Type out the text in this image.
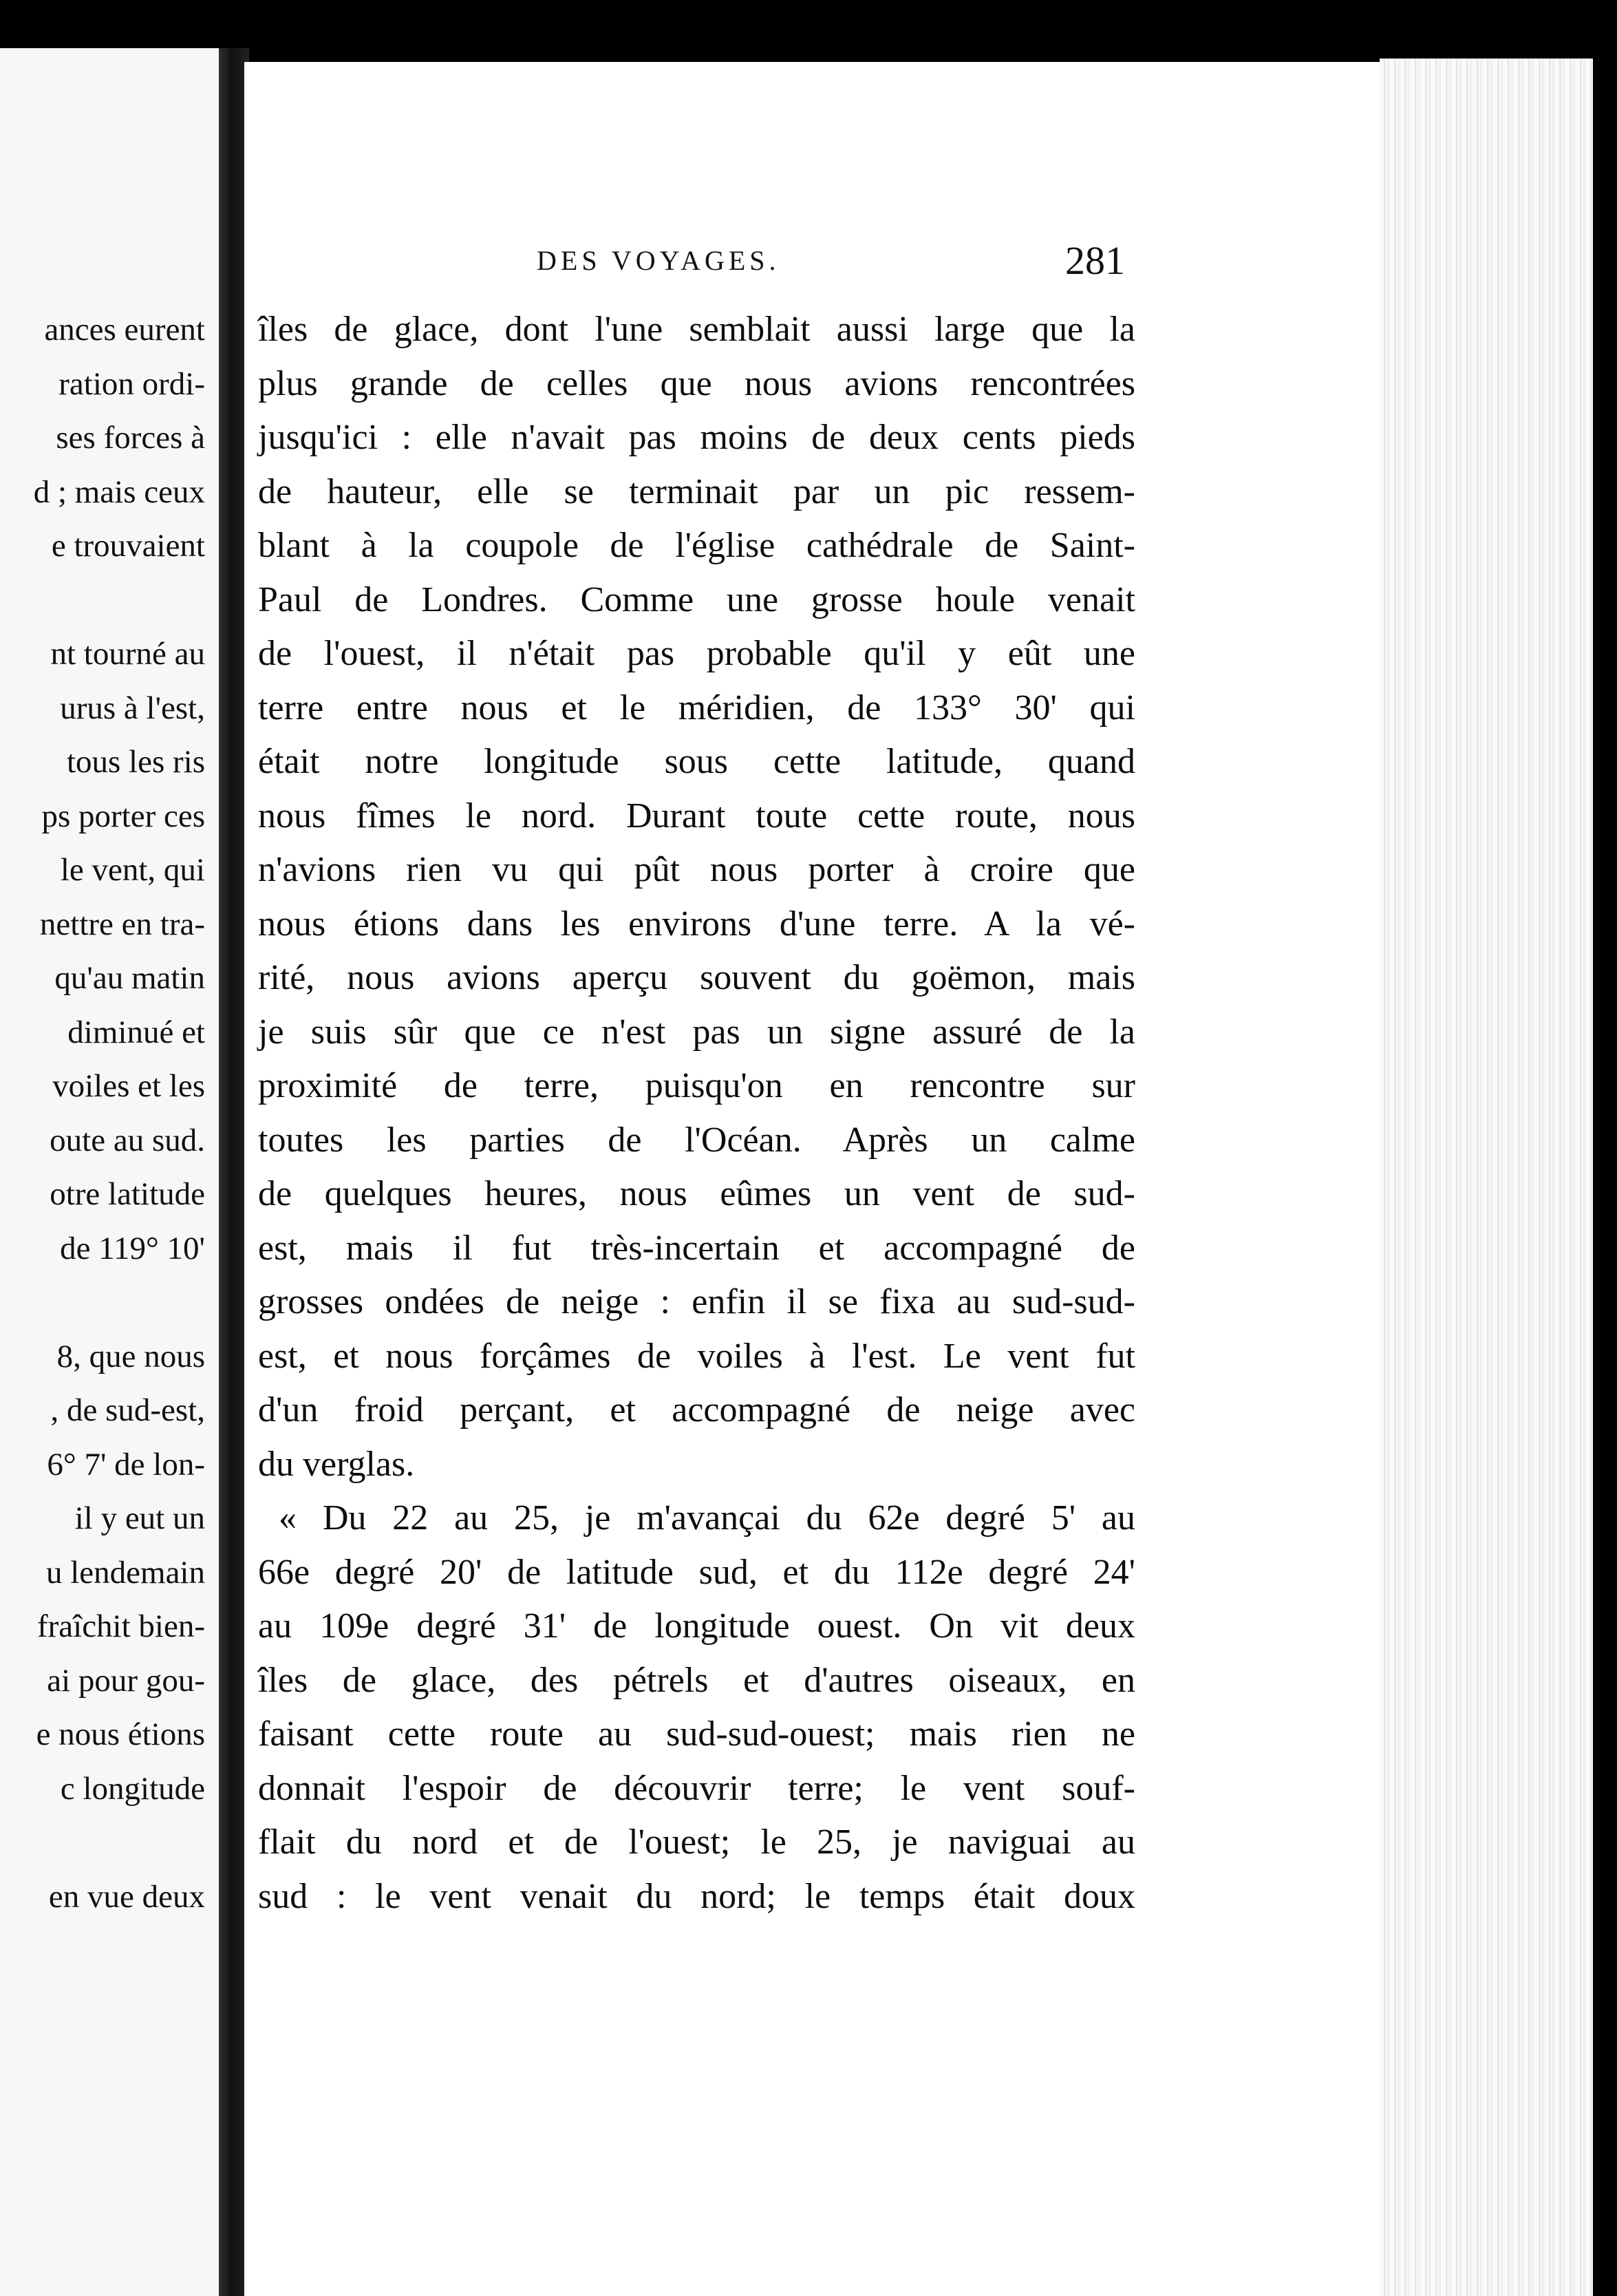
ances eurent
ration ordi-
ses forces à
d ; mais ceux
e trouvaient
nt tourné au
urus à l'est,
tous les ris
ps porter ces
le vent, qui
nettre en tra-
qu'au matin
diminué et
voiles et les
oute au sud.
otre latitude
de 119° 10'
8, que nous
, de sud-est,
6° 7' de lon-
il y eut un
u lendemain
fraîchit bien-
ai pour gou-
e nous étions
c longitude
en vue deux
DES VOYAGES.	281
îles de glace, dont l'une semblait aussi large que la
plus grande de celles que nous avions rencontrées
jusqu'ici : elle n'avait pas moins de deux cents pieds
de hauteur, elle se terminait par un pic ressem-
blant à la coupole de l'église cathédrale de Saint-
Paul de Londres. Comme une grosse houle venait
de l'ouest, il n'était pas probable qu'il y eût une
terre entre nous et le méridien, de 133° 30' qui
était notre longitude sous cette latitude, quand
nous fîmes le nord. Durant toute cette route, nous
n'avions rien vu qui pût nous porter à croire que
nous étions dans les environs d'une terre. A la vé-
rité, nous avions aperçu souvent du goëmon, mais
je suis sûr que ce n'est pas un signe assuré de la
proximité de terre, puisqu'on en rencontre sur
toutes les parties de l'Océan. Après un calme
de quelques heures, nous eûmes un vent de sud-
est, mais il fut très-incertain et accompagné de
grosses ondées de neige : enfin il se fixa au sud-sud-
est, et nous forçâmes de voiles à l'est. Le vent fut
d'un froid perçant, et accompagné de neige avec
du verglas.
« Du 22 au 25, je m'avançai du 62e degré 5' au
66e degré 20' de latitude sud, et du 112e degré 24'
au 109e degré 31' de longitude ouest. On vit deux
îles de glace, des pétrels et d'autres oiseaux, en
faisant cette route au sud-sud-ouest; mais rien ne
donnait l'espoir de découvrir terre; le vent souf-
flait du nord et de l'ouest; le 25, je naviguai au
sud : le vent venait du nord; le temps était doux
